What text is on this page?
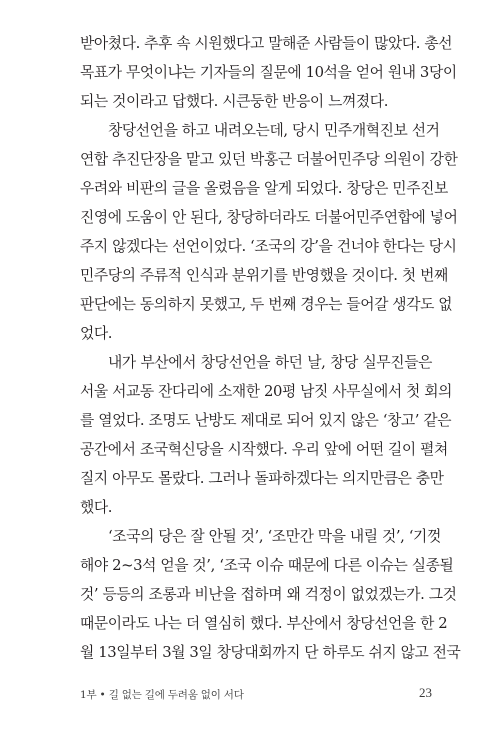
받아쳤다. 추후 속 시원했다고 말해준 사람들이 많았다. 총선
목표가 무엇이냐는 기자들의 질문에 10석을 얻어 원내 3당이
되는 것이라고 답했다. 시큰둥한 반응이 느껴졌다.

창당선언을 하고 내려오는데, 당시 민주개혁진보 선거
연합 추진단장을 맡고 있던 박홍근 더불어민주당 의원이 강한
우려와 비판의 글을 올렸음을 알게 되었다. 창당은 민주진보
진영에 도움이 안 된다, 창당하더라도 더불어민주연합에 넣어
주지 않겠다는 선언이었다. ‘조국의 강’을 건너야 한다는 당시
민주당의 주류적 인식과 분위기를 반영했을 것이다. 첫 번째
판단에는 동의하지 못했고, 두 번째 경우는 들어갈 생각도 없
었다.

내가 부산에서 창당선언을 하던 날, 창당 실무진들은
서울 서교동 잔다리에 소재한 20평 남짓 사무실에서 첫 회의
를 열었다. 조명도 난방도 제대로 되어 있지 않은 ‘창고’ 같은
공간에서 조국혁신당을 시작했다. 우리 앞에 어떤 길이 펼쳐
질지 아무도 몰랐다. 그러나 돌파하겠다는 의지만큼은 충만
했다.

‘조국의 당은 잘 안될 것’, ‘조만간 막을 내릴 것’, ‘기껏
해야 2~3석 얻을 것’, ‘조국 이슈 때문에 다른 이슈는 실종될
것’ 등등의 조롱과 비난을 접하며 왜 걱정이 없었겠는가. 그것
때문이라도 나는 더 열심히 했다. 부산에서 창당선언을 한 2
월 13일부터 3월 3일 창당대회까지 단 하루도 쉬지 않고 전국

1부 • 길 없는 길에 두려움 없이 서다	23
